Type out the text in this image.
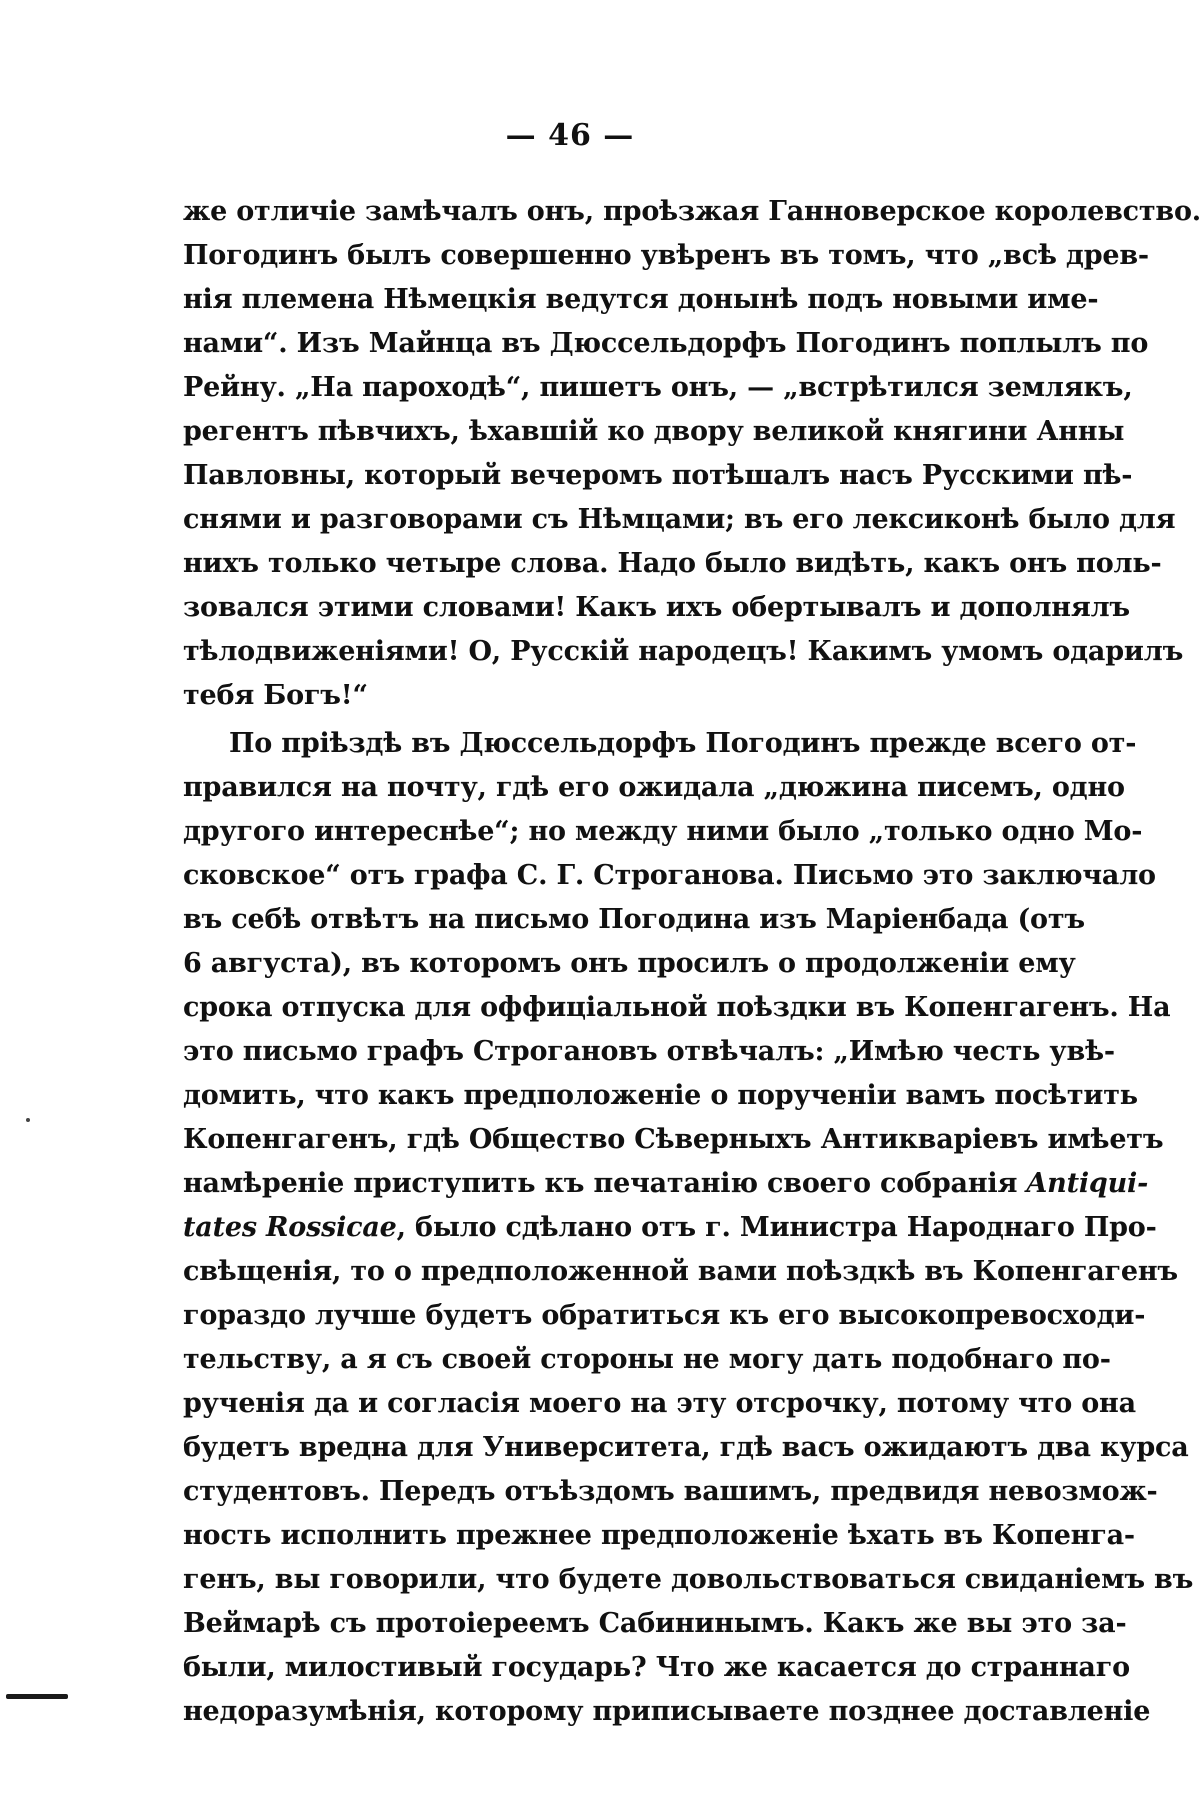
— 46 —
же отличіе замѣчалъ онъ, проѣзжая Ганноверское королевство.
Погодинъ былъ совершенно увѣренъ въ томъ, что „всѣ древ-
нія племена Нѣмецкія ведутся донынѣ подъ новыми име-
нами“. Изъ Майнца въ Дюссельдорфъ Погодинъ поплылъ по
Рейну. „На пароходѣ“, пишетъ онъ, — „встрѣтился землякъ,
регентъ пѣвчихъ, ѣхавшій ко двору великой княгини Анны
Павловны, который вечеромъ потѣшалъ насъ Русскими пѣ-
снями и разговорами съ Нѣмцами; въ его лексиконѣ было для
нихъ только четыре слова. Надо было видѣть, какъ онъ поль-
зовался этими словами! Какъ ихъ обертывалъ и дополнялъ
тѣлодвиженіями! О, Русскій народецъ! Какимъ умомъ одарилъ
тебя Богъ!“
По пріѣздѣ въ Дюссельдорфъ Погодинъ прежде всего от-
правился на почту, гдѣ его ожидала „дюжина писемъ, одно
другого интереснѣе“; но между ними было „только одно Мо-
сковское“ отъ графа С. Г. Строганова. Письмо это заключало
въ себѣ отвѣтъ на письмо Погодина изъ Маріенбада (отъ
6 августа), въ которомъ онъ просилъ о продолженіи ему
срока отпуска для оффиціальной поѣздки въ Копенгагенъ. На
это письмо графъ Строгановъ отвѣчалъ: „Имѣю честь увѣ-
домить, что какъ предположеніе о порученіи вамъ посѣтить
Копенгагенъ, гдѣ Общество Сѣверныхъ Антикваріевъ имѣетъ
намѣреніе приступить къ печатанію своего собранія Antiqui-
tates Rossicae, было сдѣлано отъ г. Министра Народнаго Про-
свѣщенія, то о предположенной вами поѣздкѣ въ Копенгагенъ
гораздо лучше будетъ обратиться къ его высокопревосходи-
тельству, а я съ своей стороны не могу дать подобнаго по-
рученія да и согласія моего на эту отсрочку, потому что она
будетъ вредна для Университета, гдѣ васъ ожидаютъ два курса
студентовъ. Передъ отъѣздомъ вашимъ, предвидя невозмож-
ность исполнить прежнее предположеніе ѣхать въ Копенга-
генъ, вы говорили, что будете довольствоваться свиданіемъ въ
Веймарѣ съ протоіереемъ Сабининымъ. Какъ же вы это за-
были, милостивый государь? Что же касается до страннаго
недоразумѣнія, которому приписываете позднее доставленіе
